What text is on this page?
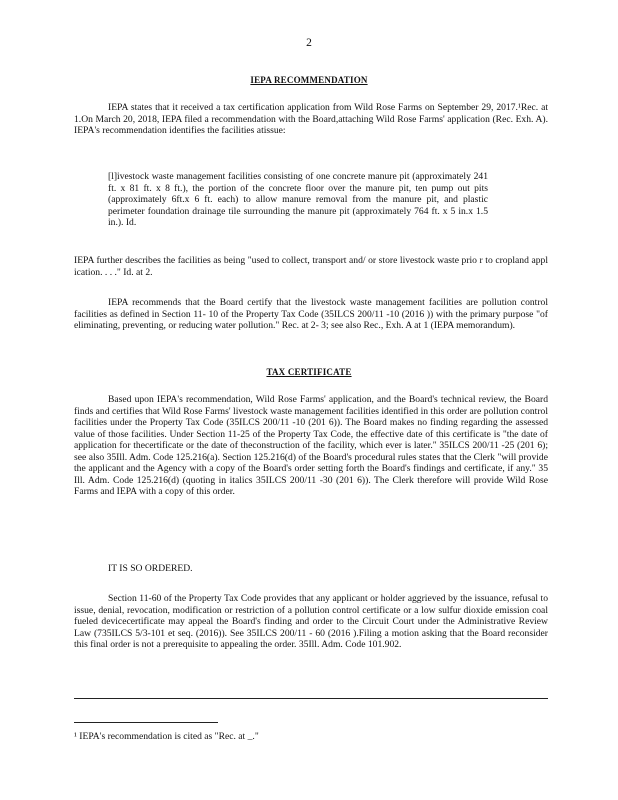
2
IEPA RECOMMENDATION
IEPA states that it received a tax certification application from Wild Rose Farms on September 29, 2017.¹Rec. at 1.On March 20, 2018, IEPA filed a recommendation with the Board,attaching Wild Rose Farms' application (Rec. Exh. A). IEPA's recommendation identifies the facilities atissue:
[l]ivestock waste management facilities consisting of one concrete manure pit (approximately 241 ft. x 81 ft. x 8 ft.), the portion of the concrete floor over the manure pit, ten pump out pits (approximately 6ft.x 6 ft. each) to allow manure removal from the manure pit, and plastic perimeter foundation drainage tile surrounding the manure pit (approximately 764 ft. x 5 in.x 1.5 in.). Id.
IEPA further describes the facilities as being "used to collect, transport and/ or store livestock waste prio r to cropland appl ication. . . ." Id. at 2.
IEPA recommends that the Board certify that the livestock waste management facilities are pollution control facilities as defined in Section 11- 10 of the Property Tax Code (35ILCS 200/11 -10 (2016 )) with the primary purpose "of eliminating, preventing, or reducing water pollution." Rec. at 2- 3; see also Rec., Exh. A at 1 (IEPA memorandum).
TAX CERTIFICATE
Based upon IEPA's recommendation, Wild Rose Farms' application, and the Board's technical review, the Board finds and certifies that Wild Rose Farms' livestock waste management facilities identified in this order are pollution control facilities under the Property Tax Code (35ILCS 200/11 -10 (201 6)). The Board makes no finding regarding the assessed value of those facilities. Under Section 11-25 of the Property Tax Code, the effective date of this certificate is "the date of application for thecertificate or the date of theconstruction of the facility, which ever is later." 35ILCS 200/11 -25 (201 6); see also 35Ill. Adm. Code 125.216(a). Section 125.216(d) of the Board's procedural rules states that the Clerk "will provide the applicant and the Agency with a copy of the Board's order setting forth the Board's findings and certificate, if any." 35 Ill. Adm. Code 125.216(d) (quoting in italics 35ILCS 200/11 -30 (201 6)). The Clerk therefore will provide Wild Rose Farms and IEPA with a copy of this order.
IT IS SO ORDERED.
Section 11-60 of the Property Tax Code provides that any applicant or holder aggrieved by the issuance, refusal to issue, denial, revocation, modification or restriction of a pollution control certificate or a low sulfur dioxide emission coal fueled devicecertificate may appeal the Board's finding and order to the Circuit Court under the Administrative Review Law (735ILCS 5/3-101 et seq. (2016)). See 35ILCS 200/11 - 60 (2016 ).Filing a motion asking that the Board reconsider this final order is not a prerequisite to appealing the order. 35Ill. Adm. Code 101.902.
¹ IEPA's recommendation is cited as "Rec. at _."
